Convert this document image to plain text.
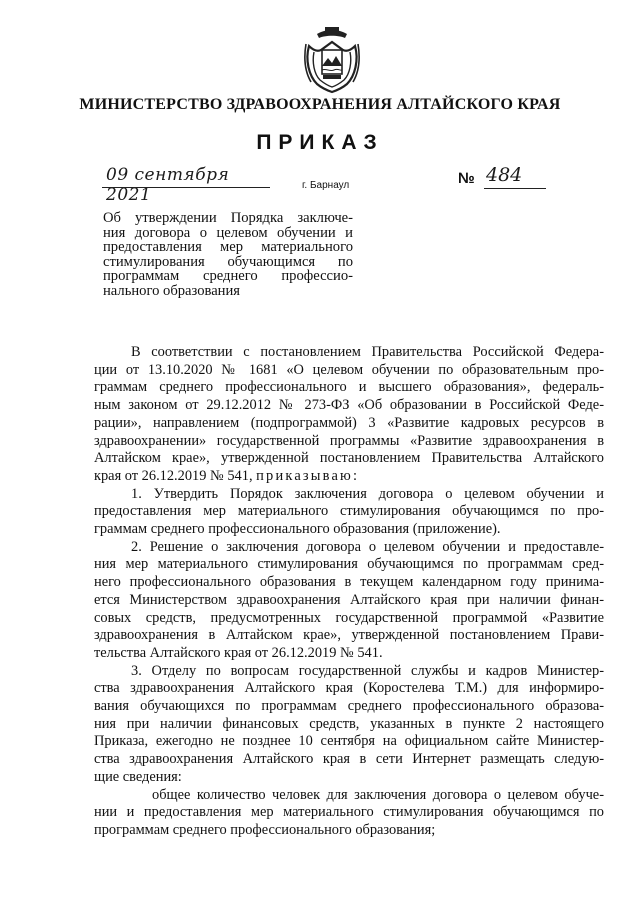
МИНИСТЕРСТВО ЗДРАВООХРАНЕНИЯ АЛТАЙСКОГО КРАЯ
ПРИКАЗ
09 сентября 2021	г. Барнаул	№ 484
Об утверждении Порядка заключе-
ния договора о целевом обучении и
предоставления мер материального
стимулирования обучающимся по
программам среднего профессио-
нального образования
В соответствии с постановлением Правительства Российской Федера-
ции от 13.10.2020 № 1681 «О целевом обучении по образовательным про-
граммам среднего профессионального и высшего образования», федераль-
ным законом от 29.12.2012 № 273-ФЗ «Об образовании в Российской Феде-
рации», направлением (подпрограммой) 3 «Развитие кадровых ресурсов в
здравоохранении» государственной программы «Развитие здравоохранения в
Алтайском крае», утвержденной постановлением Правительства Алтайского
края от 26.12.2019 № 541, приказываю:
1. Утвердить Порядок заключения договора о целевом обучении и
предоставления мер материального стимулирования обучающимся по про-
граммам среднего профессионального образования (приложение).
2. Решение о заключения договора о целевом обучении и предоставле-
ния мер материального стимулирования обучающимся по программам сред-
него профессионального образования в текущем календарном году принима-
ется Министерством здравоохранения Алтайского края при наличии финан-
совых средств, предусмотренных государственной программой «Развитие
здравоохранения в Алтайском крае», утвержденной постановлением Прави-
тельства Алтайского края от 26.12.2019 № 541.
3. Отделу по вопросам государственной службы и кадров Министер-
ства здравоохранения Алтайского края (Коростелева Т.М.) для информиро-
вания обучающихся по программам среднего профессионального образова-
ния при наличии финансовых средств, указанных в пункте 2 настоящего
Приказа, ежегодно не позднее 10 сентября на официальном сайте Министер-
ства здравоохранения Алтайского края в сети Интернет размещать следую-
щие сведения:
общее количество человек для заключения договора о целевом обуче-
нии и предоставления мер материального стимулирования обучающимся по
программам среднего профессионального образования;
